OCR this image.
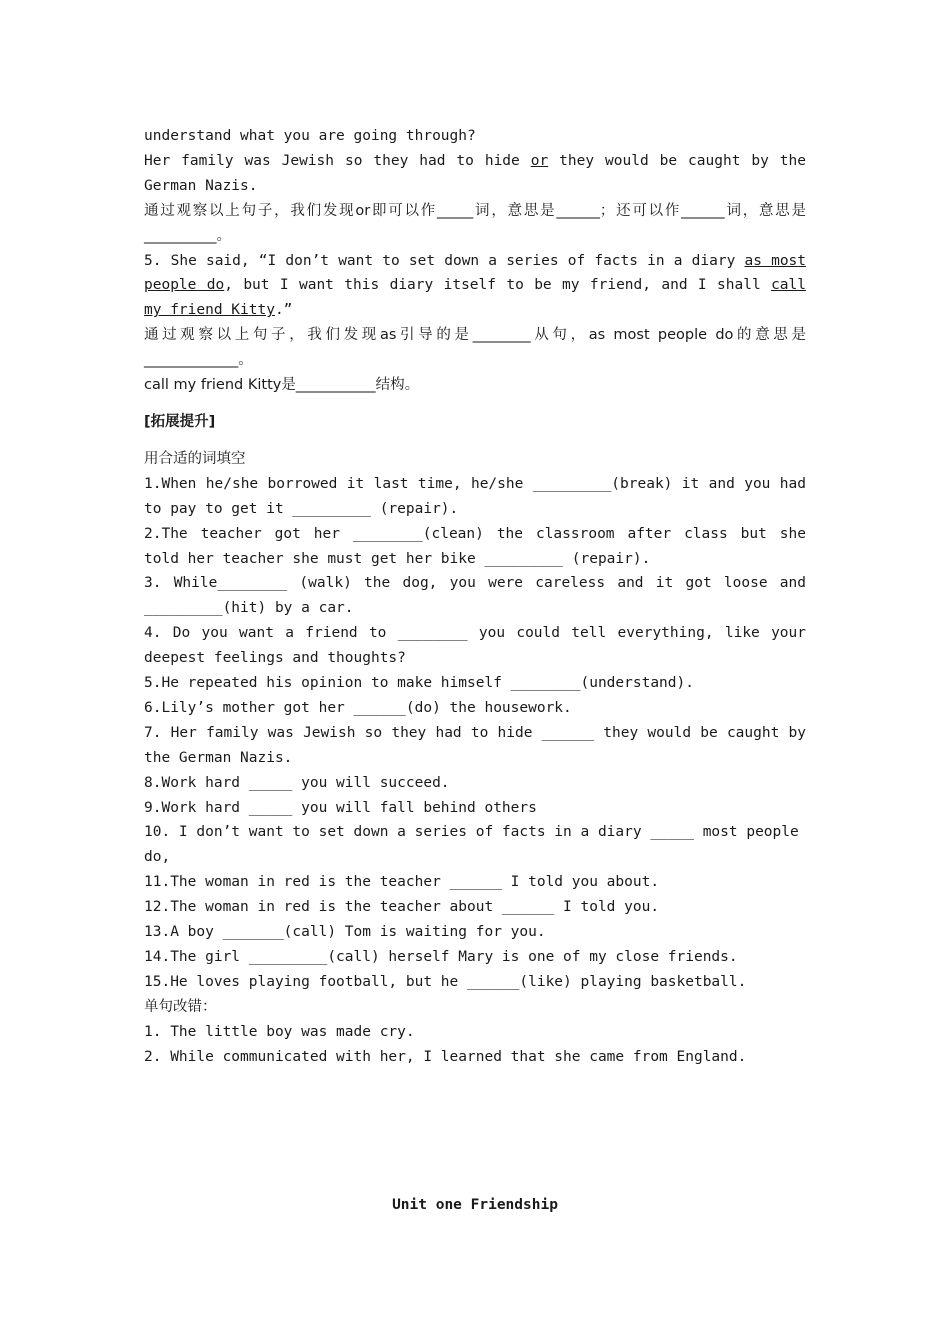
understand what you are going through?

Her family was Jewish so they had to hide or they would be caught by the German Nazis.

通过观察以上句子，我们发现or即可以作_____词，意思是______；还可以作______词，意思是__________。

5. She said, “I don’t want to set down a series of facts in a diary as most people do, but I want this diary itself to be my friend, and I shall call my friend Kitty.”

通过观察以上句子，我们发现as引导的是________从句，as most people do的意思是_____________。

call my friend Kitty是___________结构。

[拓展提升]

用合适的词填空

1.When he/she borrowed it last time, he/she _________(break) it and you had to pay to get it _________ (repair).

2.The teacher got her ________(clean) the classroom after class but she told her teacher she must get her bike _________ (repair).

3. While________ (walk) the dog, you were careless and it got loose and _________(hit) by a car.

4. Do you want a friend to ________ you could tell everything, like your deepest feelings and thoughts?

5.He repeated his opinion to make himself ________(understand).

6.Lily’s mother got her ______(do) the housework.

7. Her family was Jewish so they had to hide ______ they would be caught by the German Nazis.

8.Work hard _____ you will succeed.

9.Work hard _____ you will fall behind others

10. I don’t want to set down a series of facts in a diary _____ most people do,

11.The woman in red is the teacher ______ I told you about.

12.The woman in red is the teacher about ______ I told you.

13.A boy _______(call) Tom is waiting for you.

14.The girl _________(call) herself Mary is one of my close friends.

15.He loves playing football, but he ______(like) playing basketball.

单句改错：

1. The little boy was made cry.

2. While communicated with her, I learned that she came from England.

Unit one Friendship
